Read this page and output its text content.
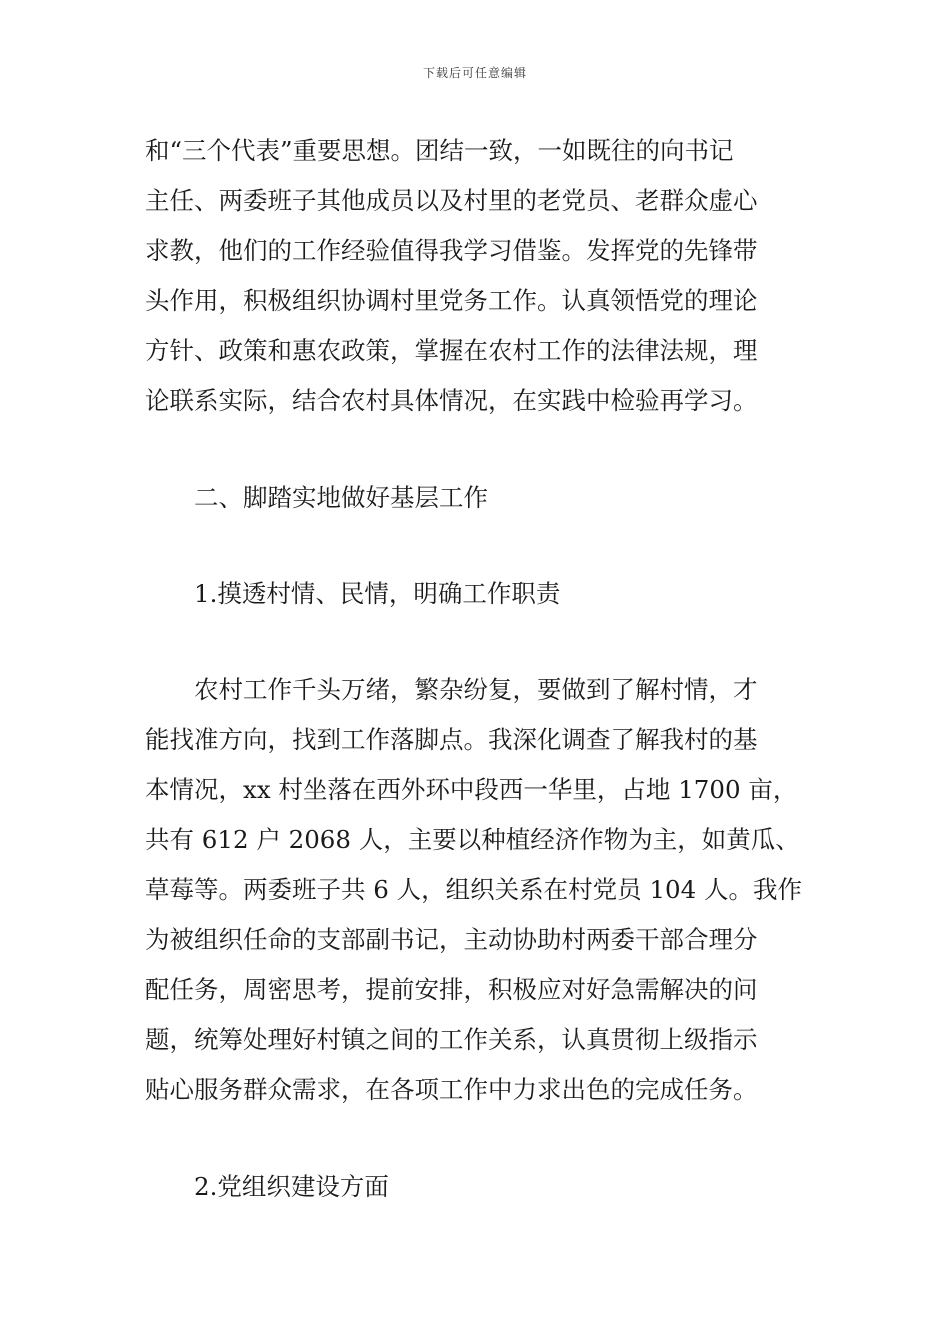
下载后可任意编辑

和“三个代表”重要思想。团结一致，一如既往的向书记
主任、两委班子其他成员以及村里的老党员、老群众虚心
求教，他们的工作经验值得我学习借鉴。发挥党的先锋带
头作用，积极组织协调村里党务工作。认真领悟党的理论
方针、政策和惠农政策，掌握在农村工作的法律法规，理
论联系实际，结合农村具体情况，在实践中检验再学习。

二、脚踏实地做好基层工作

1.摸透村情、民情，明确工作职责

农村工作千头万绪，繁杂纷复，要做到了解村情，才
能找准方向，找到工作落脚点。我深化调查了解我村的基
本情况，xx 村坐落在西外环中段西一华里，占地 1700 亩，
共有 612 户 2068 人，主要以种植经济作物为主，如黄瓜、
草莓等。两委班子共 6 人，组织关系在村党员 104 人。我作
为被组织任命的支部副书记，主动协助村两委干部合理分
配任务，周密思考，提前安排，积极应对好急需解决的问
题，统筹处理好村镇之间的工作关系，认真贯彻上级指示
贴心服务群众需求，在各项工作中力求出色的完成任务。

2.党组织建设方面
